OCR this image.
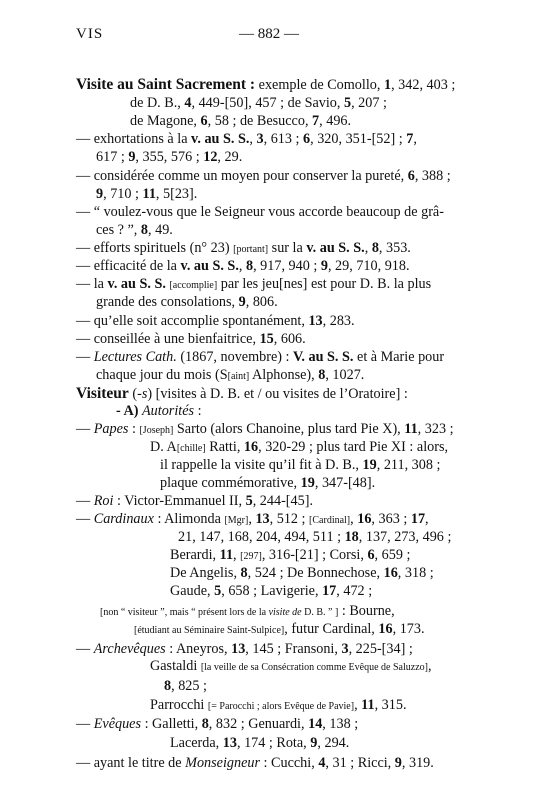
VIS	— 882 —
Visite au Saint Sacrement : exemple de Comollo, 1, 342, 403 ;
de D. B., 4, 449-[50], 457 ; de Savio, 5, 207 ;
de Magone, 6, 58 ; de Besucco, 7, 496.
— exhortations à la v. au S. S., 3, 613 ; 6, 320, 351-[52] ; 7,
617 ; 9, 355, 576 ; 12, 29.
— considérée comme un moyen pour conserver la pureté, 6, 388 ;
9, 710 ; 11, 5[23].
— “ voulez-vous que le Seigneur vous accorde beaucoup de grâ-
ces ? ”, 8, 49.
— efforts spirituels (n° 23) [portant] sur la v. au S. S., 8, 353.
— efficacité de la v. au S. S., 8, 917, 940 ; 9, 29, 710, 918.
— la v. au S. S. [accomplie] par les jeu[nes] est pour D. B. la plus
grande des consolations, 9, 806.
— qu’elle soit accomplie spontanément, 13, 283.
— conseillée à une bienfaitrice, 15, 606.
— Lectures Cath. (1867, novembre) : V. au S. S. et à Marie pour
chaque jour du mois (S[aint] Alphonse), 8, 1027.
Visiteur (-s) [visites à D. B. et / ou visites de l’Oratoire] :
- A) Autorités :
— Papes : [Joseph] Sarto (alors Chanoine, plus tard Pie X), 11, 323 ;
D. A[chille] Ratti, 16, 320-29 ; plus tard Pie XI : alors,
il rappelle la visite qu’il fit à D. B., 19, 211, 308 ;
plaque commémorative, 19, 347-[48].
— Roi : Victor-Emmanuel II, 5, 244-[45].
— Cardinaux : Alimonda [Mgr], 13, 512 ; [Cardinal], 16, 363 ; 17,
21, 147, 168, 204, 494, 511 ; 18, 137, 273, 496 ;
Berardi, 11, [297], 316-[21] ; Corsi, 6, 659 ;
De Angelis, 8, 524 ; De Bonnechose, 16, 318 ;
Gaude, 5, 658 ; Lavigerie, 17, 472 ;
[non “ visiteur ”, mais “ présent lors de la visite de D. B. ” ] : Bourne,
[étudiant au Séminaire Saint-Sulpice], futur Cardinal, 16, 173.
— Archevêques : Aneyros, 13, 145 ; Fransoni, 3, 225-[34] ;
Gastaldi [la veille de sa Consécration comme Evêque de Saluzzo],
8, 825 ;
Parrocchi [= Parocchi ; alors Evêque de Pavie], 11, 315.
— Evêques : Galletti, 8, 832 ; Genuardi, 14, 138 ;
Lacerda, 13, 174 ; Rota, 9, 294.
— ayant le titre de Monseigneur : Cucchi, 4, 31 ; Ricci, 9, 319.
